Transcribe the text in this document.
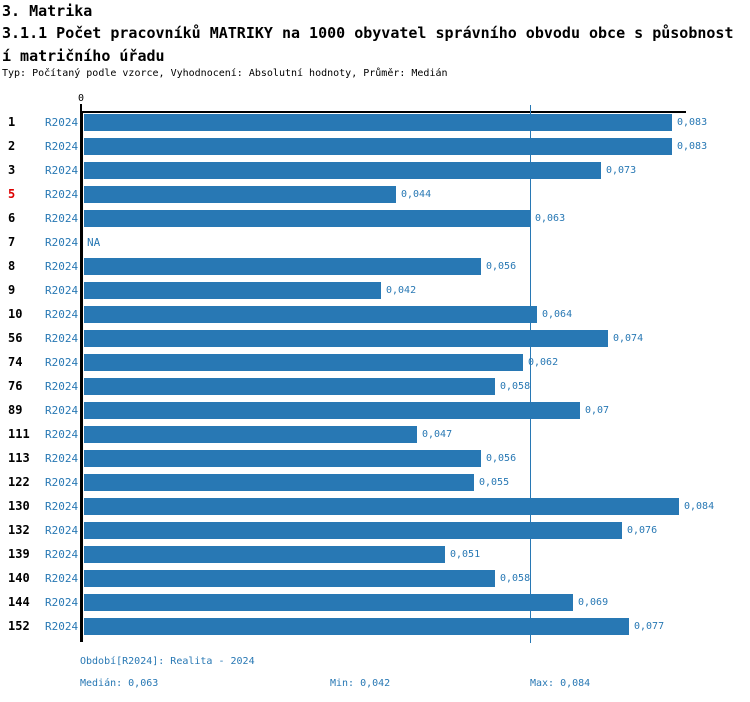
3. Matrika
3.1.1 Počet pracovníků MATRIKY na 1000 obyvatel správního obvodu obce s působnost
í matričního úřadu
Typ: Počítaný podle vzorce, Vyhodnocení: Absolutní hodnoty, Průměr: Medián
0
1	R2024	0,083
2	R2024	0,083
3	R2024	0,073
5	R2024	0,044
6	R2024	0,063
7	R2024 NA
8	R2024	0,056
9	R2024	0,042
10 R2024	0,064
56 R2024	0,074
74 R2024	0,062
76 R2024	0,058
89 R2024	0,07
111 R2024	0,047
113 R2024	0,056
122 R2024	0,055
130 R2024	0,084
132 R2024	0,076
139 R2024	0,051
140 R2024	0,058
144 R2024	0,069
152 R2024	0,077
Období[R2024]: Realita - 2024
Medián: 0,063	Min: 0,042	Max: 0,084
